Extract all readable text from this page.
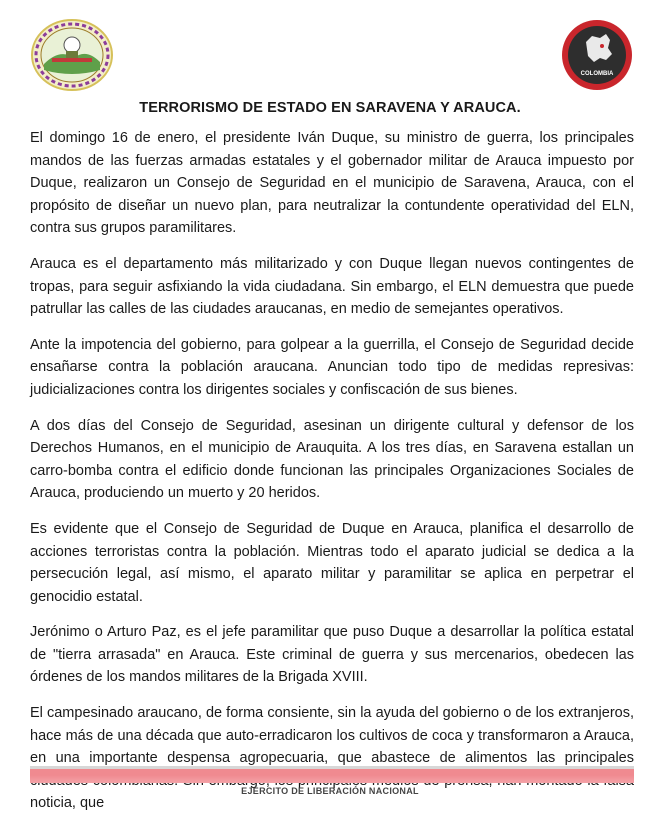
COLOMBIA
TERRORISMO DE ESTADO EN SARAVENA Y ARAUCA.

El domingo 16 de enero, el presidente Iván Duque, su ministro de guerra, los principales mandos de las fuerzas armadas estatales y el gobernador militar de Arauca impuesto por Duque, realizaron un Consejo de Seguridad en el municipio de Saravena, Arauca, con el propósito de diseñar un nuevo plan, para neutralizar la contundente operatividad del ELN, contra sus grupos paramilitares.

Arauca es el departamento más militarizado y con Duque llegan nuevos contingentes de tropas, para seguir asfixiando la vida ciudadana. Sin embargo, el ELN demuestra que puede patrullar las calles de las ciudades araucanas, en medio de semejantes operativos.

Ante la impotencia del gobierno, para golpear a la guerrilla, el Consejo de Seguridad decide ensañarse contra la población araucana. Anuncian todo tipo de medidas represivas: judicializaciones contra los dirigentes sociales y confiscación de sus bienes.

A dos días del Consejo de Seguridad, asesinan un dirigente cultural y defensor de los Derechos Humanos, en el municipio de Arauquita. A los tres días, en Saravena estallan un carro-bomba contra el edificio donde funcionan las principales Organizaciones Sociales de Arauca, produciendo un muerto y 20 heridos.

Es evidente que el Consejo de Seguridad de Duque en Arauca, planifica el desarrollo de acciones terroristas contra la población. Mientras todo el aparato judicial se dedica a la persecución legal, así mismo, el aparato militar y paramilitar se aplica en perpetrar el genocidio estatal.

Jerónimo o Arturo Paz, es el jefe paramilitar que puso Duque a desarrollar la política estatal de "tierra arrasada" en Arauca. Este criminal de guerra y sus mercenarios, obedecen las órdenes de los mandos militares de la Brigada XVIII.

El campesinado araucano, de forma consiente, sin la ayuda del gobierno o de los extranjeros, hace más de una década que auto-erradicaron los cultivos de coca y transformaron a Arauca, en una importante despensa agropecuaria, que abastece de alimentos las principales noticia, que

EJÉRCITO DE LIBERACIÓN NACIONAL
